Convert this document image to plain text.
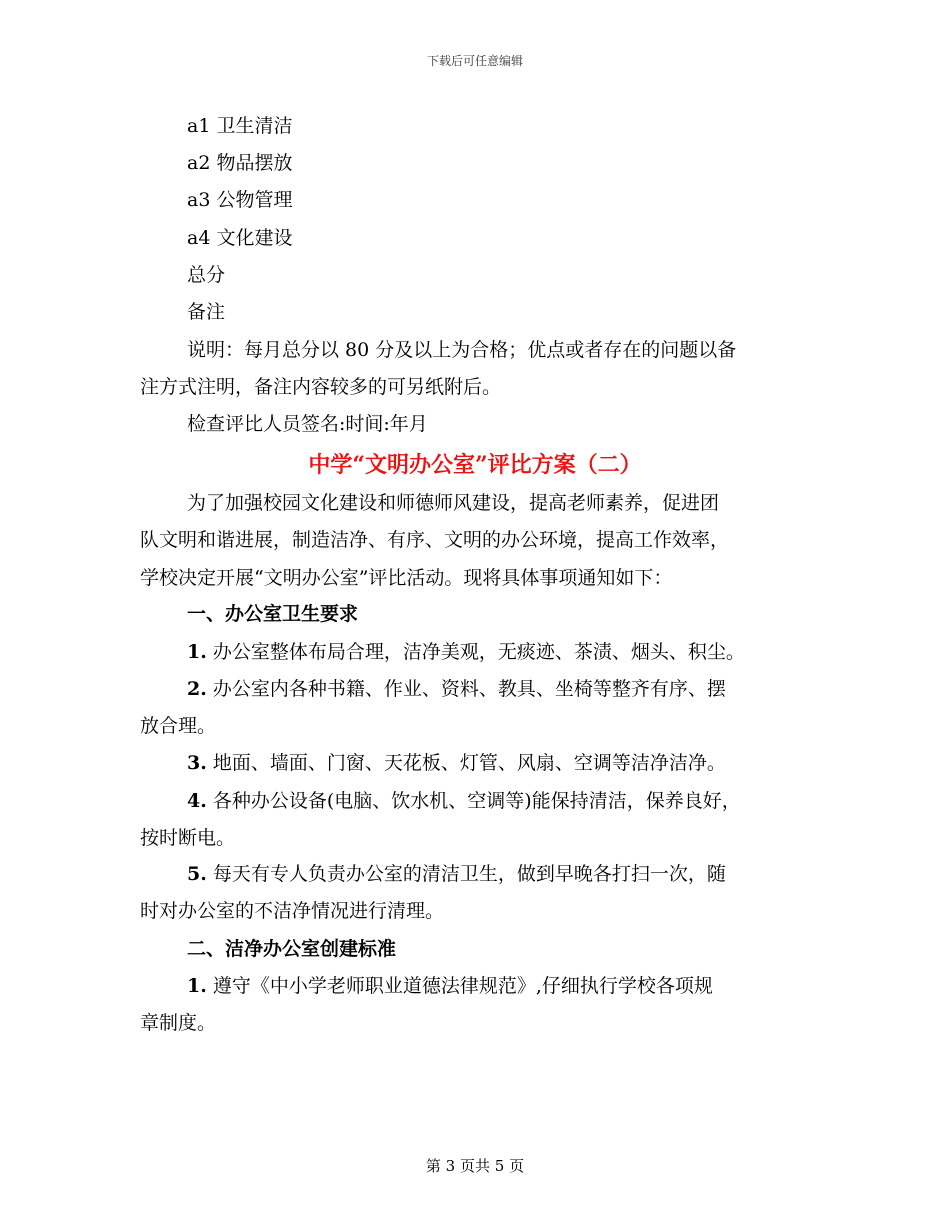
下载后可任意编辑
a1 卫生清洁
a2 物品摆放
a3 公物管理
a4 文化建设
总分
备注
说明：每月总分以 80 分及以上为合格；优点或者存在的问题以备
注方式注明，备注内容较多的可另纸附后。
检查评比人员签名:时间:年月
中学“文明办公室”评比方案（二）
为了加强校园文化建设和师德师风建设，提高老师素养，促进团
队文明和谐进展，制造洁净、有序、文明的办公环境，提高工作效率，
学校决定开展“文明办公室”评比活动。现将具体事项通知如下：
一、办公室卫生要求
1. 办公室整体布局合理，洁净美观，无痰迹、茶渍、烟头、积尘。
2. 办公室内各种书籍、作业、资料、教具、坐椅等整齐有序、摆
放合理。
3. 地面、墙面、门窗、天花板、灯管、风扇、空调等洁净洁净。
4. 各种办公设备(电脑、饮水机、空调等)能保持清洁，保养良好，
按时断电。
5. 每天有专人负责办公室的清洁卫生，做到早晚各打扫一次，随
时对办公室的不洁净情况进行清理。
二、洁净办公室创建标准
1. 遵守《中小学老师职业道德法律规范》,仔细执行学校各项规
章制度。
第 3 页共 5 页
